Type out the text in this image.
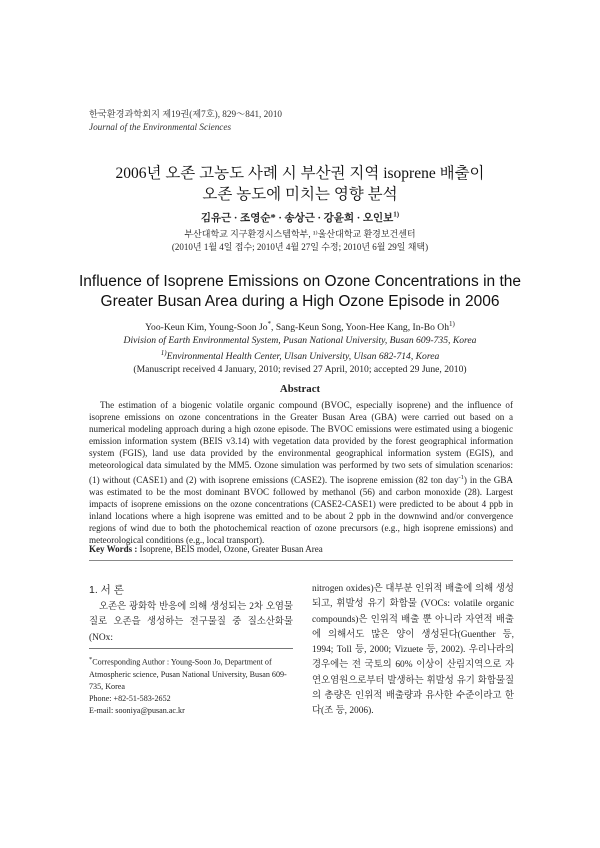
한국환경과학회지 제19권(제7호), 829～841, 2010
Journal of the Environmental Sciences
2006년 오존 고농도 사례 시 부산권 지역 isoprene 배출이
오존 농도에 미치는 영향 분석
김유근 · 조영순* · 송상근 · 강윤희 · 오인보$^{1)}$
부산대학교 지구환경시스템학부, ¹⁾울산대학교 환경보건센터
(2010년 1월 4일 접수; 2010년 4월 27일 수정; 2010년 6월 29일 채택)
Influence of Isoprene Emissions on Ozone Concentrations in the
Greater Busan Area during a High Ozone Episode in 2006
Yoo-Keun Kim, Young-Soon Jo*, Sang-Keun Song, Yoon-Hee Kang, In-Bo Oh$^{1)}$
Division of Earth Environmental System, Pusan National University, Busan 609-735, Korea
$^{1)}$Environmental Health Center, Ulsan University, Ulsan 682-714, Korea
(Manuscript received 4 January, 2010; revised 27 April, 2010; accepted 29 June, 2010)
Abstract

The estimation of a biogenic volatile organic compound (BVOC, especially isoprene) and the influence of isoprene emissions on ozone concentrations in the Greater Busan Area (GBA) were carried out based on a numerical modeling approach during a high ozone episode. The BVOC emissions were estimated using a biogenic emission information system (BEIS v3.14) with vegetation data provided by the forest geographical information system (FGIS), land use data provided by the environmental geographical information system (EGIS), and meteorological data simulated by the MM5. Ozone simulation was performed by two sets of simulation scenarios: (1) without (CASE1) and (2) with isoprene emissions (CASE2). The isoprene emission (82 ton day$^{-1}$) in the GBA was estimated to be the most dominant BVOC followed by methanol (56) and carbon monoxide (28). Largest impacts of isoprene emissions on the ozone concentrations (CASE2-CASE1) were predicted to be about 4 ppb in inland locations where a high isoprene was emitted and to be about 2 ppb in the downwind and/or convergence regions of wind due to both the photochemical reaction of ozone precursors (e.g., high isoprene emissions) and meteorological conditions (e.g., local transport).

Key Words : Isoprene, BEIS model, Ozone, Greater Busan Area
1. 서 론

오존은 광화학 반응에 의해 생성되는 2차 오염물질로 오존을 생성하는 전구물질 중 질소산화물 (NOx:

*Corresponding Author : Young-Soon Jo, Department of Atmospheric science, Pusan National University, Busan 609-735, Korea
Phone: +82-51-583-2652
E-mail: sooniya@pusan.ac.kr

nitrogen oxides)은 대부분 인위적 배출에 의해 생성되고, 휘발성 유기 화합물 (VOCs: volatile organic compounds)은 인위적 배출 뿐 아니라 자연적 배출에 의해서도 많은 양이 생성된다(Guenther 등, 1994; Toll 등, 2000; Vizuete 등, 2002). 우리나라의 경우에는 전 국토의 60% 이상이 산림지역으로 자연오염원으로부터 발생하는 휘발성 유기 화합물질의 총량은 인위적 배출량과 유사한 수준이라고 한다(조 등, 2006).
